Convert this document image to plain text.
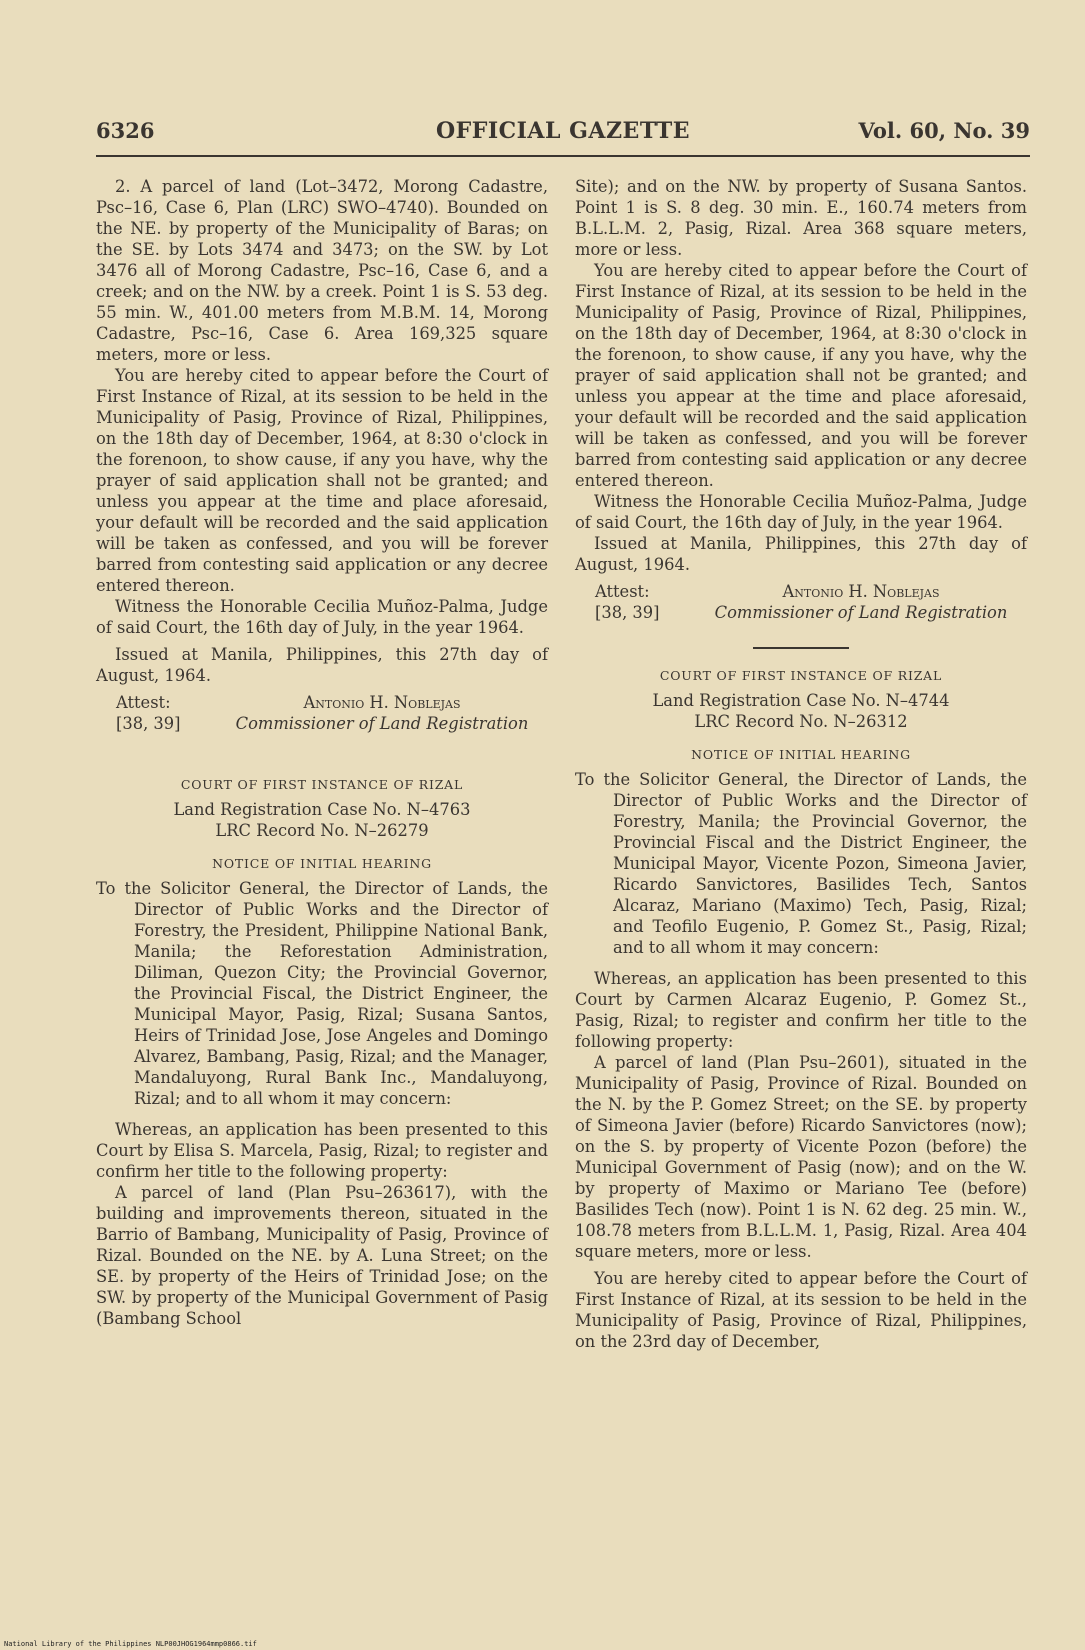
6326	OFFICIAL GAZETTE	Vol. 60, No. 39

2. A parcel of land (Lot–3472, Morong Cadastre, Psc–16, Case 6, Plan (LRC) SWO–4740). Bounded on the NE. by property of the Municipality of Baras; on the SE. by Lots 3474 and 3473; on the SW. by Lot 3476 all of Morong Cadastre, Psc–16, Case 6, and a creek; and on the NW. by a creek. Point 1 is S. 53 deg. 55 min. W., 401.00 meters from M.B.M. 14, Morong Cadastre, Psc–16, Case 6. Area 169,325 square meters, more or less.

You are hereby cited to appear before the Court of First Instance of Rizal, at its session to be held in the Municipality of Pasig, Province of Rizal, Philippines, on the 18th day of December, 1964, at 8:30 o'clock in the forenoon, to show cause, if any you have, why the prayer of said application shall not be granted; and unless you appear at the time and place aforesaid, your default will be recorded and the said application will be taken as confessed, and you will be forever barred from contesting said application or any decree entered thereon.

Witness the Honorable Cecilia Muñoz-Palma, Judge of said Court, the 16th day of July, in the year 1964.

Issued at Manila, Philippines, this 27th day of August, 1964.

Attest:
[38, 39]
Antonio H. Noblejas
Commissioner of Land Registration
COURT OF FIRST INSTANCE OF RIZAL
Land Registration Case No. N–4763
LRC Record No. N–26279
NOTICE OF INITIAL HEARING

To the Solicitor General, the Director of Lands, the Director of Public Works and the Director of Forestry, the President, Philippine National Bank, Manila; the Reforestation Administration, Diliman, Quezon City; the Provincial Governor, the Provincial Fiscal, the District Engineer, the Municipal Mayor, Pasig, Rizal; Susana Santos, Heirs of Trinidad Jose, Jose Angeles and Domingo Alvarez, Bambang, Pasig, Rizal; and the Manager, Mandaluyong, Rural Bank Inc., Mandaluyong, Rizal; and to all whom it may concern:

Whereas, an application has been presented to this Court by Elisa S. Marcela, Pasig, Rizal; to register and confirm her title to the following property:

A parcel of land (Plan Psu–263617), with the building and improvements thereon, situated in the Barrio of Bambang, Municipality of Pasig, Province of Rizal. Bounded on the NE. by A. Luna Street; on the SE. by property of the Heirs of Trinidad Jose; on the SW. by property of the Municipal Government of Pasig (Bambang School

Site); and on the NW. by property of Susana Santos. Point 1 is S. 8 deg. 30 min. E., 160.74 meters from B.L.L.M. 2, Pasig, Rizal. Area 368 square meters, more or less.

You are hereby cited to appear before the Court of First Instance of Rizal, at its session to be held in the Municipality of Pasig, Province of Rizal, Philippines, on the 18th day of December, 1964, at 8:30 o'clock in the forenoon, to show cause, if any you have, why the prayer of said application shall not be granted; and unless you appear at the time and place aforesaid, your default will be recorded and the said application will be taken as confessed, and you will be forever barred from contesting said application or any decree entered thereon.

Witness the Honorable Cecilia Muñoz-Palma, Judge of said Court, the 16th day of July, in the year 1964.

Issued at Manila, Philippines, this 27th day of August, 1964.

Attest:
[38, 39]
Antonio H. Noblejas
Commissioner of Land Registration
COURT OF FIRST INSTANCE OF RIZAL
Land Registration Case No. N–4744
LRC Record No. N–26312
NOTICE OF INITIAL HEARING

To the Solicitor General, the Director of Lands, the Director of Public Works and the Director of Forestry, Manila; the Provincial Governor, the Provincial Fiscal and the District Engineer, the Municipal Mayor, Vicente Pozon, Simeona Javier, Ricardo Sanvictores, Basilides Tech, Santos Alcaraz, Mariano (Maximo) Tech, Pasig, Rizal; and Teofilo Eugenio, P. Gomez St., Pasig, Rizal; and to all whom it may concern:

Whereas, an application has been presented to this Court by Carmen Alcaraz Eugenio, P. Gomez St., Pasig, Rizal; to register and confirm her title to the following property:

A parcel of land (Plan Psu–2601), situated in the Municipality of Pasig, Province of Rizal. Bounded on the N. by the P. Gomez Street; on the SE. by property of Simeona Javier (before) Ricardo Sanvictores (now); on the S. by property of Vicente Pozon (before) the Municipal Government of Pasig (now); and on the W. by property of Maximo or Mariano Tee (before) Basilides Tech (now). Point 1 is N. 62 deg. 25 min. W., 108.78 meters from B.L.L.M. 1, Pasig, Rizal. Area 404 square meters, more or less.

You are hereby cited to appear before the Court of First Instance of Rizal, at its session to be held in the Municipality of Pasig, Province of Rizal, Philippines, on the 23rd day of December,

National Library of the Philippines NLP00JHOG1964mmp0866.tif
